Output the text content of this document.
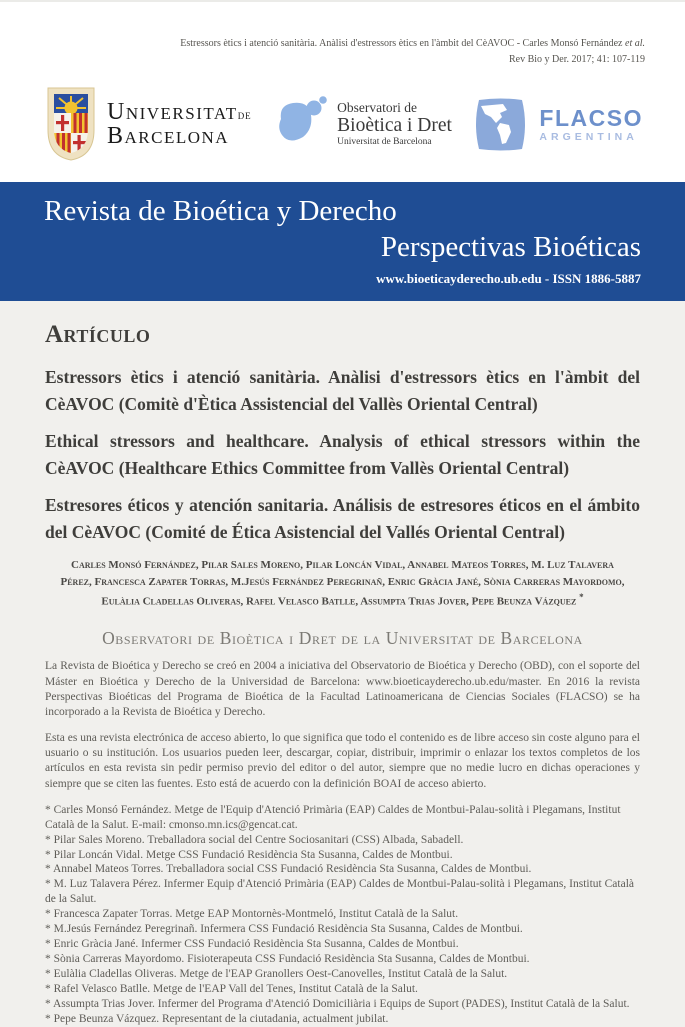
Estressors ètics i atenció sanitària. Anàlisi d'estressors ètics en l'àmbit del CèAVOC - Carles Monsó Fernández et al.
Rev Bio y Der. 2017; 41: 107-119
Universitatde
Barcelona
Observatori de
Bioètica i Dret
Universitat de Barcelona
FLACSO
ARGENTINA
Revista de Bioética y Derecho
Perspectivas Bioéticas
www.bioeticayderecho.ub.edu - ISSN 1886-5887
Artículo
Estressors ètics i atenció sanitària. Anàlisi d'estressors ètics en l'àmbit del CèAVOC (Comitè d'Ètica Assistencial del Vallès Oriental Central)
Ethical stressors and healthcare. Analysis of ethical stressors within the CèAVOC (Healthcare Ethics Committee from Vallès Oriental Central)
Estresores éticos y atención sanitaria. Análisis de estresores éticos en el ámbito del CèAVOC (Comité de Ética Asistencial del Vallés Oriental Central)
Carles Monsó Fernández, Pilar Sales Moreno, Pilar Loncán Vidal, Annabel Mateos Torres, M. Luz Talavera Pérez, Francesca Zapater Torras, M.Jesús Fernández Peregrinañ, Enric Gràcia Jané, Sònia Carreras Mayordomo, Eulàlia Cladellas Oliveras, Rafel Velasco Batlle, Assumpta Trias Jover, Pepe Beunza Vázquez *
Observatori de Bioètica i Dret de la Universitat de Barcelona

La Revista de Bioética y Derecho se creó en 2004 a iniciativa del Observatorio de Bioética y Derecho (OBD), con el soporte del Máster en Bioética y Derecho de la Universidad de Barcelona: www.bioeticayderecho.ub.edu/master. En 2016 la revista Perspectivas Bioéticas del Programa de Bioética de la Facultad Latinoamericana de Ciencias Sociales (FLACSO) se ha incorporado a la Revista de Bioética y Derecho.

Esta es una revista electrónica de acceso abierto, lo que significa que todo el contenido es de libre acceso sin coste alguno para el usuario o su institución. Los usuarios pueden leer, descargar, copiar, distribuir, imprimir o enlazar los textos completos de los artículos en esta revista sin pedir permiso previo del editor o del autor, siempre que no medie lucro en dichas operaciones y siempre que se citen las fuentes. Esto está de acuerdo con la definición BOAI de acceso abierto.

* Carles Monsó Fernández. Metge de l'Equip d'Atenció Primària (EAP) Caldes de Montbui-Palau-solità i Plegamans, Institut Català de la Salut. E-mail: cmonso.mn.ics@gencat.cat.
* Pilar Sales Moreno. Treballadora social del Centre Sociosanitari (CSS) Albada, Sabadell.
* Pilar Loncán Vidal. Metge CSS Fundació Residència Sta Susanna, Caldes de Montbui.
* Annabel Mateos Torres. Treballadora social CSS Fundació Residència Sta Susanna, Caldes de Montbui.
* M. Luz Talavera Pérez. Infermer Equip d'Atenció Primària (EAP) Caldes de Montbui-Palau-solità i Plegamans, Institut Català de la Salut.
* Francesca Zapater Torras. Metge EAP Montornès-Montmeló, Institut Català de la Salut.
* M.Jesús Fernández Peregrinañ. Infermera CSS Fundació Residència Sta Susanna, Caldes de Montbui.
* Enric Gràcia Jané. Infermer CSS Fundació Residència Sta Susanna, Caldes de Montbui.
* Sònia Carreras Mayordomo. Fisioterapeuta CSS Fundació Residència Sta Susanna, Caldes de Montbui.
* Eulàlia Cladellas Oliveras. Metge de l'EAP Granollers Oest-Canovelles, Institut Català de la Salut.
* Rafel Velasco Batlle. Metge de l'EAP Vall del Tenes, Institut Català de la Salut.
* Assumpta Trias Jover. Infermer del Programa d'Atenció Domiciliària i Equips de Suport (PADES), Institut Català de la Salut.
* Pepe Beunza Vázquez. Representant de la ciutadania, actualment jubilat.
